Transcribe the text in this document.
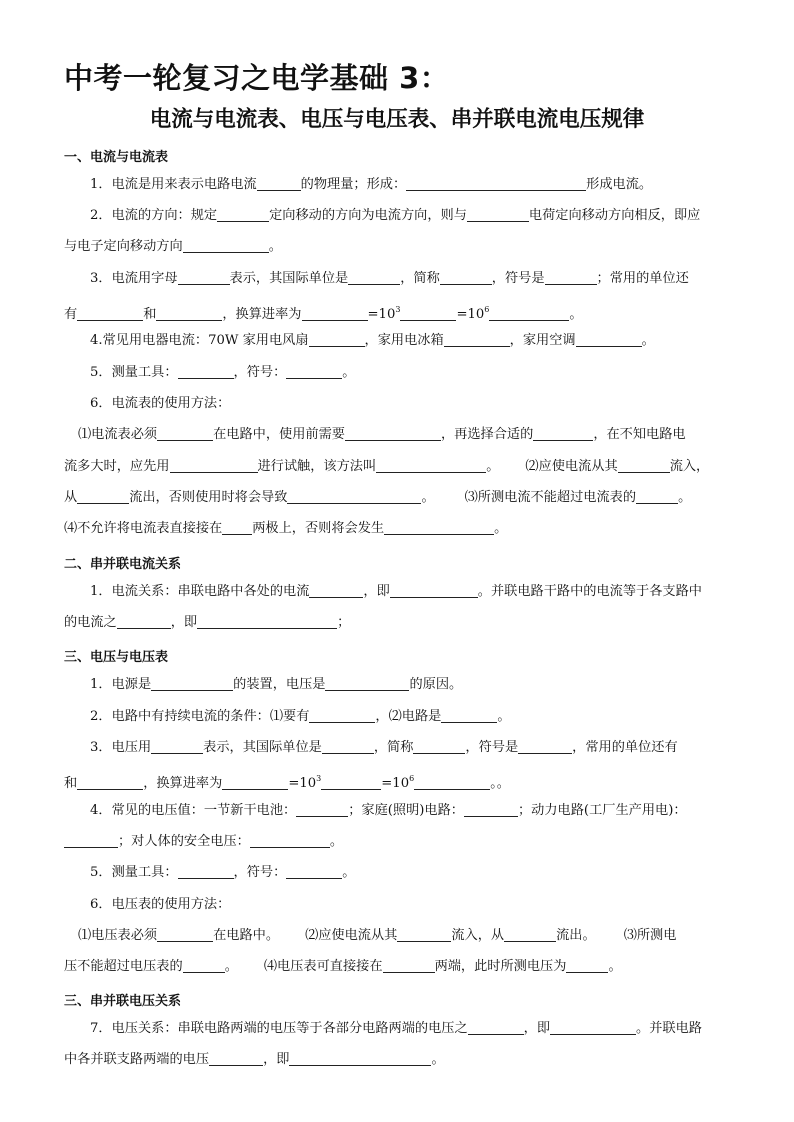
中考一轮复习之电学基础 3：
电流与电流表、电压与电压表、串并联电流电压规律
一、电流与电流表
1．电流是用来表示电路电流	的物理量；形成：	形成电流。
2．电流的方向：规定	定向移动的方向为电流方向，则与	电荷定向移动方向相反，即应
与电子定向移动方向	。
3．电流用字母	表示，其国际单位是	，简称	，符号是	；常用的单位还
有	和	，换算进率为	$=10^3$	$=10^6$	。
4.常见用电器电流：70W 家用电风扇	，家用电冰箱	，家用空调	。
5．测量工具：	，符号：	。
6．电流表的使用方法：
⑴电流表必须	在电路中，使用前需要	，再选择合适的	，在不知电路电
流多大时，应先用	进行试触，该方法叫	。 ⑵应使电流从其	流入，
从	流出，否则使用时将会导致	。 ⑶所测电流不能超过电流表的	。
⑷不允许将电流表直接接在 两极上，否则将会发生	。
二、串并联电流关系
1．电流关系：串联电路中各处的电流	，即	。并联电路干路中的电流等于各支路中
的电流之	，即	；
三、电压与电压表
1．电源是	的装置，电压是	的原因。
2．电路中有持续电流的条件：⑴要有	，⑵电路是	。
3．电压用	表示，其国际单位是	，简称	，符号是	，常用的单位还有
和	，换算进率为	$=10^3$	$=10^6$	。。
4．常见的电压值：一节新干电池：	；家庭(照明)电路：	；动力电路(工厂生产用电)：
；对人体的安全电压：	。
5．测量工具：	，符号：	。
6．电压表的使用方法：
⑴电压表必须	在电路中。 ⑵应使电流从其	流入，从	流出。 ⑶所测电
压不能超过电压表的	。 ⑷电压表可直接接在	两端，此时所测电压为	。
三、串并联电压关系
7．电压关系：串联电路两端的电压等于各部分电路两端的电压之	，即	。并联电路
中各并联支路两端的电压	，即	。
